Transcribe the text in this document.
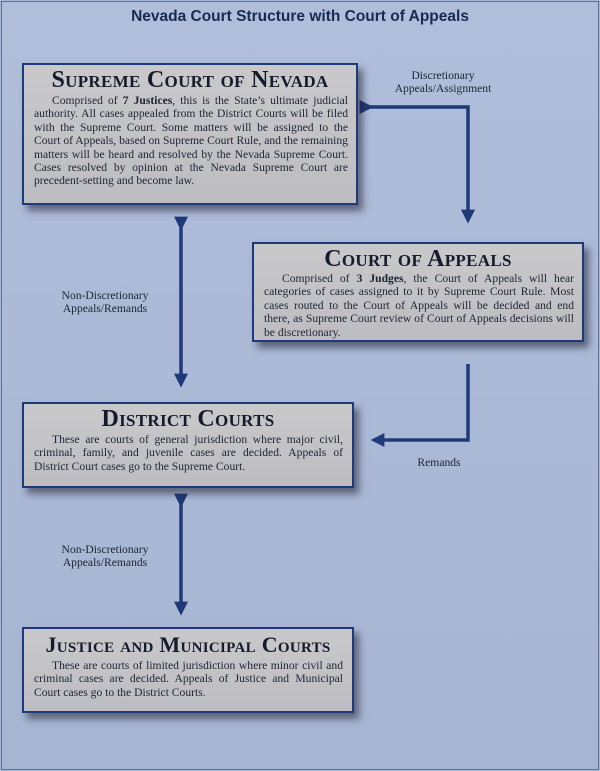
Nevada Court Structure with Court of Appeals
Supreme Court of Nevada

Comprised of 7 Justices, this is the State’s ultimate judicial authority. All cases appealed from the District Courts will be filed with the Supreme Court. Some matters will be assigned to the Court of Appeals, based on Supreme Court Rule, and the remaining matters will be heard and resolved by the Nevada Supreme Court. Cases resolved by opinion at the Nevada Supreme Court are precedent-setting and become law.

Court of Appeals

Comprised of 3 Judges, the Court of Appeals will hear categories of cases assigned to it by Supreme Court Rule. Most cases routed to the Court of Appeals will be decided and end there, as Supreme Court review of Court of Appeals decisions will be discretionary.

District Courts

These are courts of general jurisdiction where major civil, criminal, family, and juvenile cases are decided. Appeals of District Court cases go to the Supreme Court.

Justice and Municipal Courts

These are courts of limited jurisdiction where minor civil and criminal cases are decided. Appeals of Justice and Municipal Court cases go to the District Courts.

Discretionary
Appeals/Assignment
Non-Discretionary
Appeals/Remands
Remands
Non-Discretionary
Appeals/Remands
